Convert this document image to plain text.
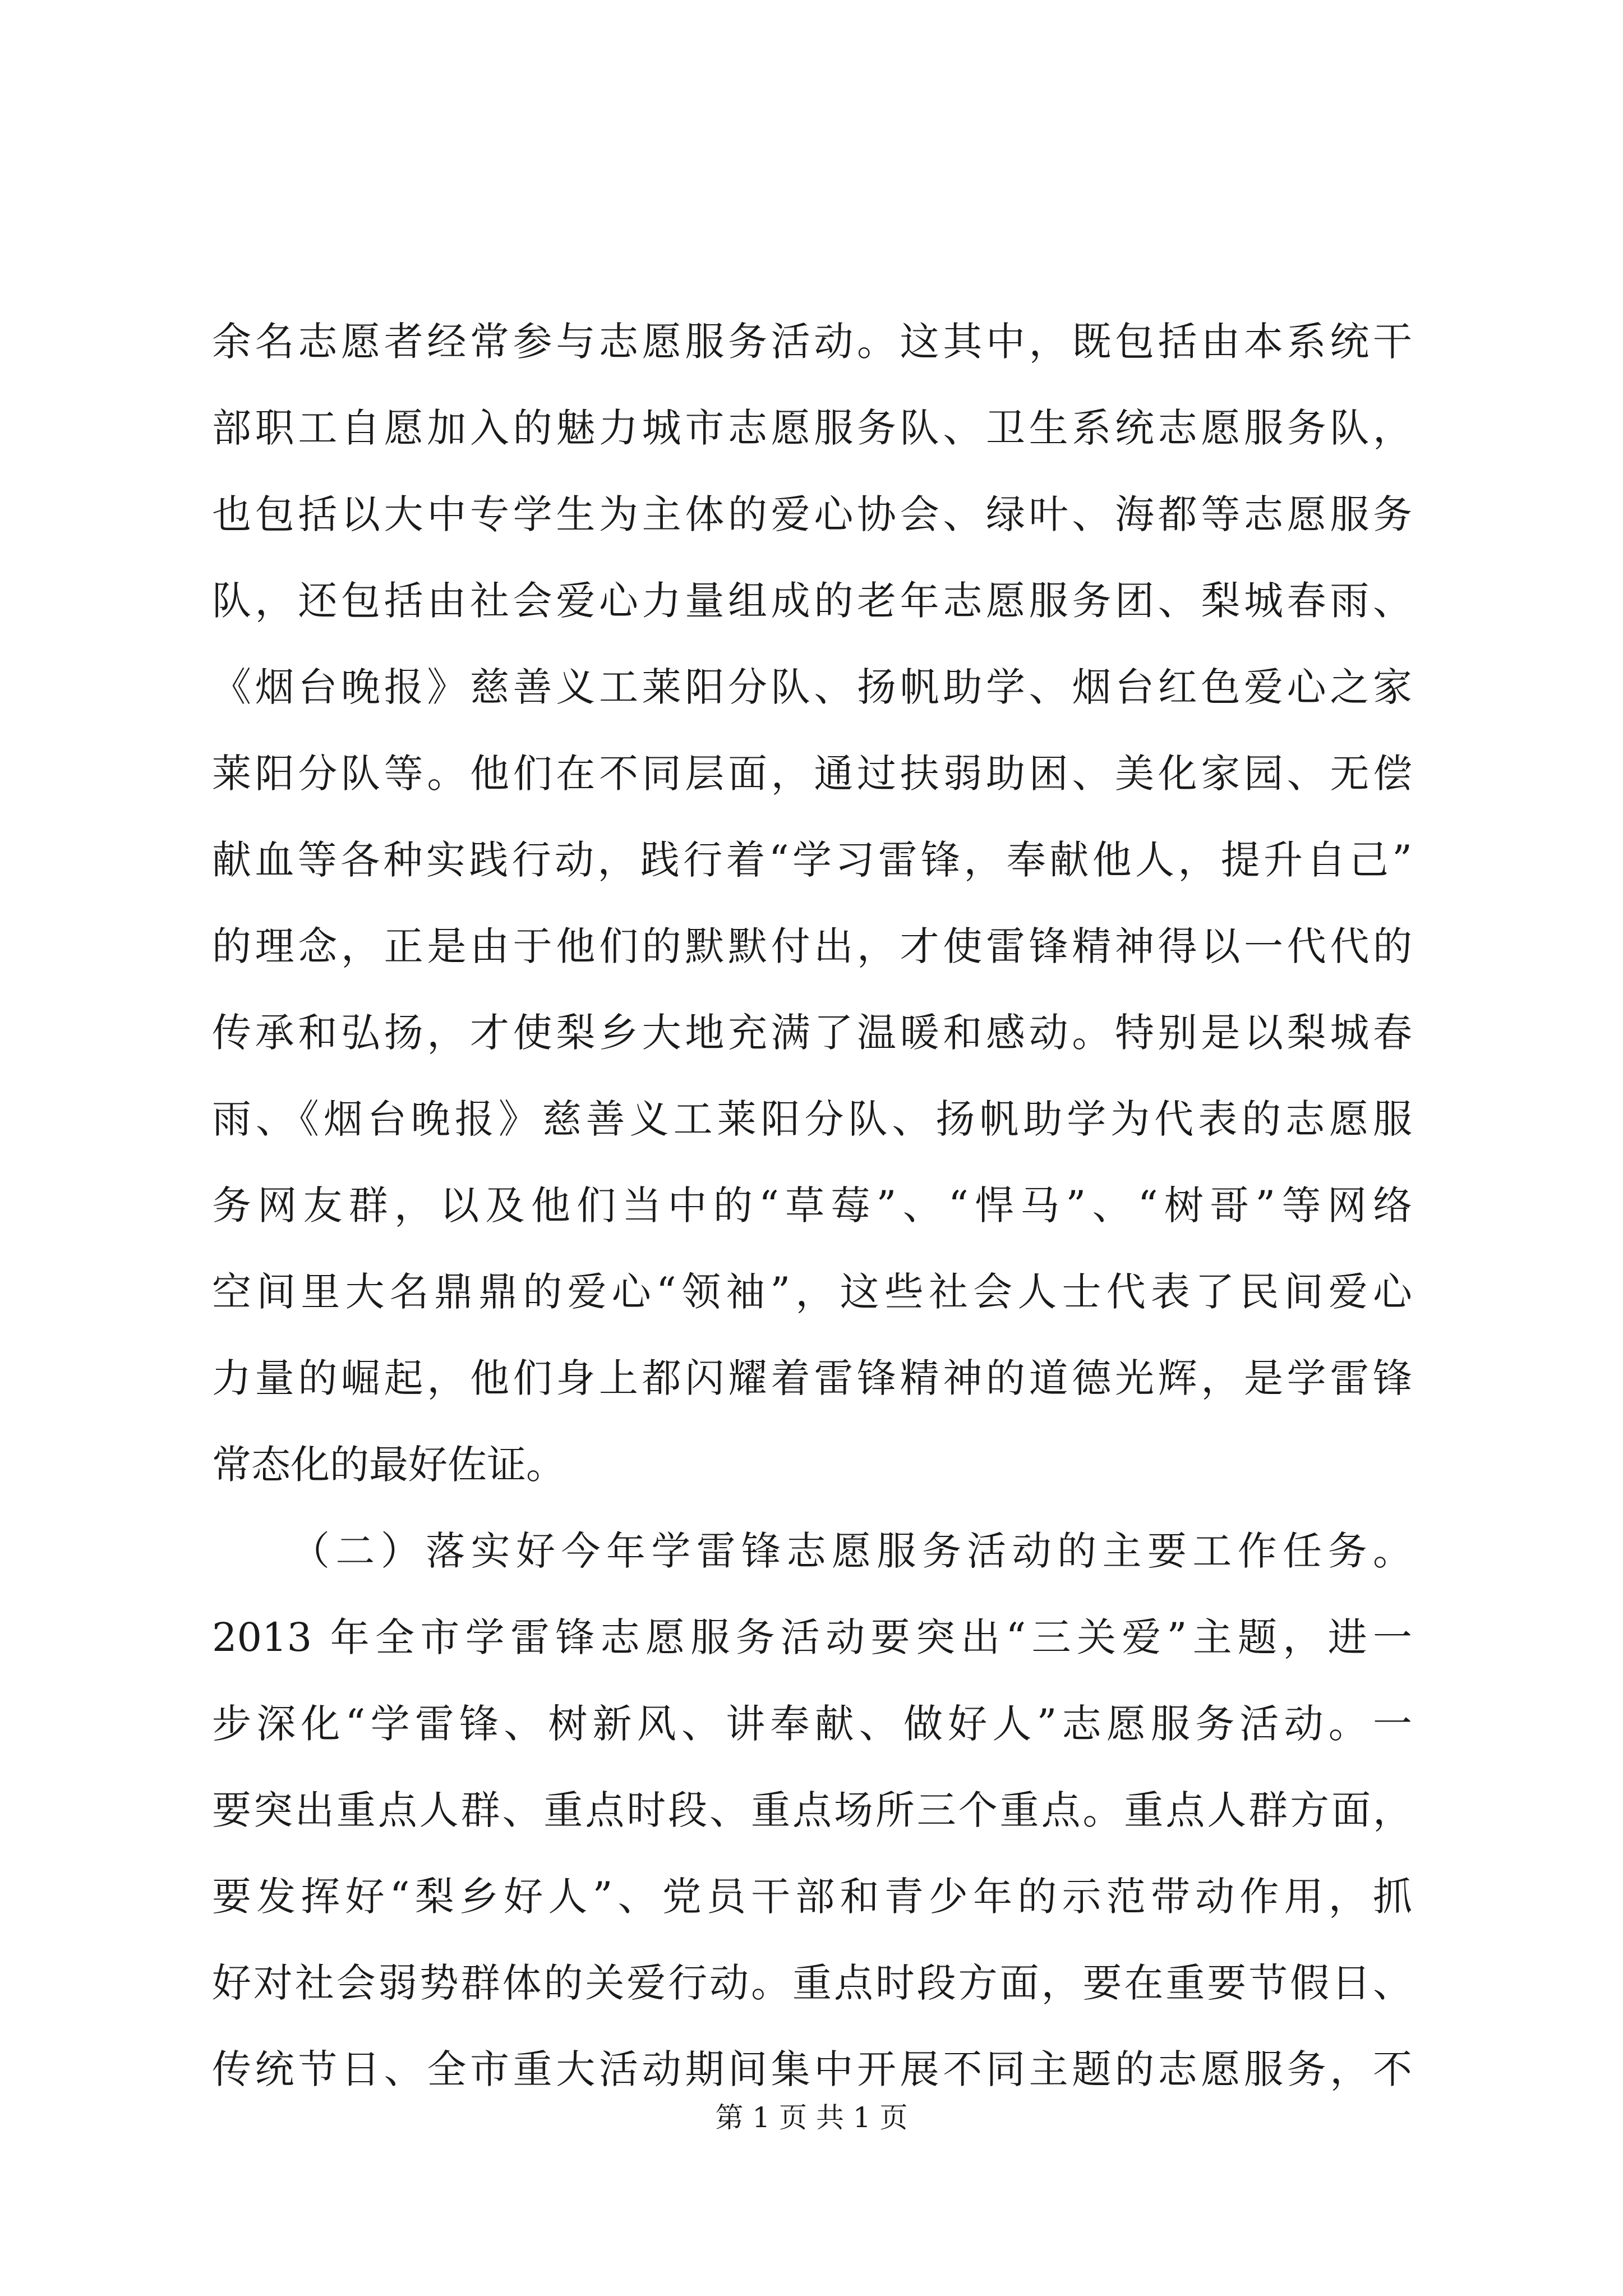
余名志愿者经常参与志愿服务活动。这其中，既包括由本系统干
部职工自愿加入的魅力城市志愿服务队、卫生系统志愿服务队，
也包括以大中专学生为主体的爱心协会、绿叶、海都等志愿服务
队，还包括由社会爱心力量组成的老年志愿服务团、梨城春雨、
《烟台晚报》慈善义工莱阳分队、扬帆助学、烟台红色爱心之家
莱阳分队等。他们在不同层面，通过扶弱助困、美化家园、无偿
献血等各种实践行动，践行着“学习雷锋，奉献他人，提升自己”
的理念，正是由于他们的默默付出，才使雷锋精神得以一代代的
传承和弘扬，才使梨乡大地充满了温暖和感动。特别是以梨城春
雨、《烟台晚报》慈善义工莱阳分队、扬帆助学为代表的志愿服
务网友群，以及他们当中的“草莓”、“悍马”、“树哥”等网络
空间里大名鼎鼎的爱心“领袖”，这些社会人士代表了民间爱心
力量的崛起，他们身上都闪耀着雷锋精神的道德光辉，是学雷锋
常态化的最好佐证。
（二）落实好今年学雷锋志愿服务活动的主要工作任务。
2013 年全市学雷锋志愿服务活动要突出“三关爱”主题，进一
步深化“学雷锋、树新风、讲奉献、做好人”志愿服务活动。一
要突出重点人群、重点时段、重点场所三个重点。重点人群方面，
要发挥好“梨乡好人”、党员干部和青少年的示范带动作用，抓
好对社会弱势群体的关爱行动。重点时段方面，要在重要节假日、
传统节日、全市重大活动期间集中开展不同主题的志愿服务，不
第 1 页 共 1 页
